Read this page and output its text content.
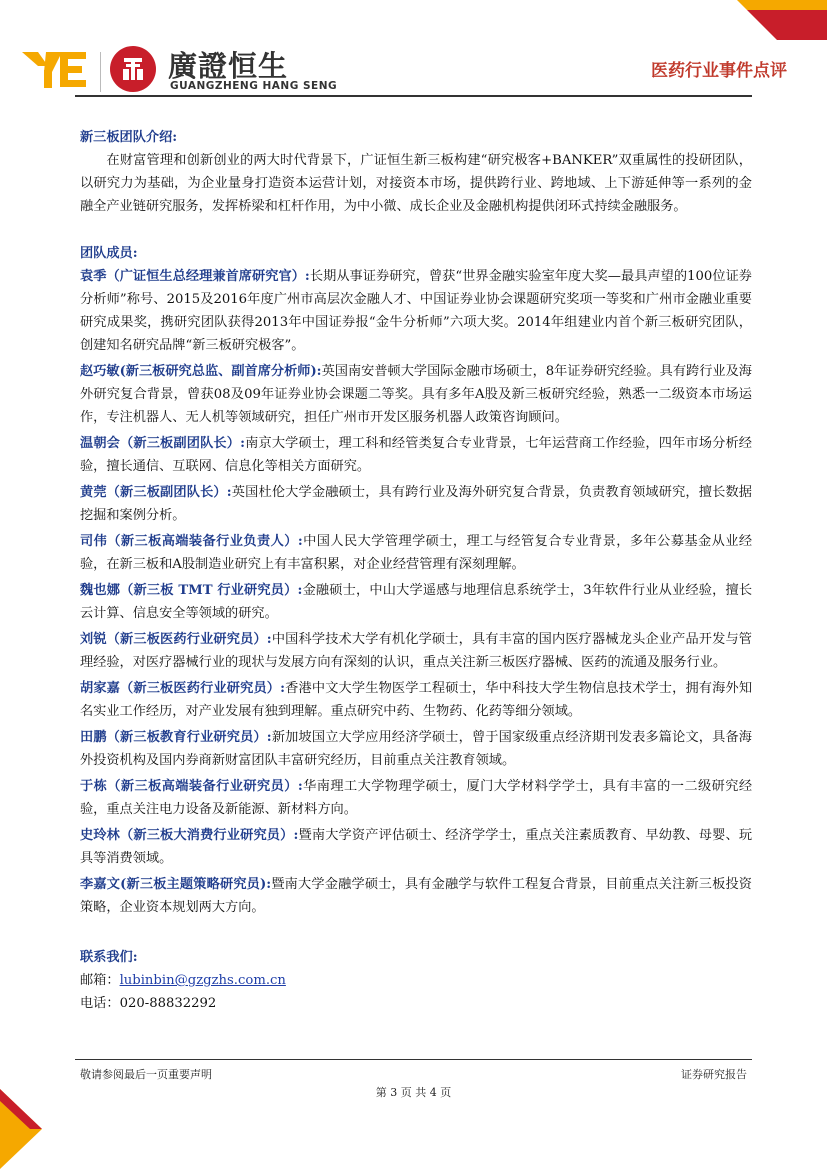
廣證恒生
GUANGZHENG HANG SENG
医药行业事件点评

新三板团队介绍:

在财富管理和创新创业的两大时代背景下，广证恒生新三板构建“研究极客+BANKER”双重属性的投研团队，以研究力为基础，为企业量身打造资本运营计划，对接资本市场，提供跨行业、跨地域、上下游延伸等一系列的金融全产业链研究服务，发挥桥梁和杠杆作用，为中小微、成长企业及金融机构提供闭环式持续金融服务。

团队成员:

袁季（广证恒生总经理兼首席研究官）:长期从事证券研究，曾获“世界金融实验室年度大奖—最具声望的100位证券分析师”称号、2015及2016年度广州市高层次金融人才、中国证券业协会课题研究奖项一等奖和广州市金融业重要研究成果奖，携研究团队获得2013年中国证券报“金牛分析师”六项大奖。2014年组建业内首个新三板研究团队，创建知名研究品牌“新三板研究极客”。

赵巧敏(新三板研究总监、副首席分析师):英国南安普顿大学国际金融市场硕士，8年证券研究经验。具有跨行业及海外研究复合背景，曾获08及09年证券业协会课题二等奖。具有多年A股及新三板研究经验，熟悉一二级资本市场运作，专注机器人、无人机等领域研究，担任广州市开发区服务机器人政策咨询顾问。

温朝会（新三板副团队长）:南京大学硕士，理工科和经管类复合专业背景，七年运营商工作经验，四年市场分析经验，擅长通信、互联网、信息化等相关方面研究。

黄莞（新三板副团队长）:英国杜伦大学金融硕士，具有跨行业及海外研究复合背景，负责教育领域研究，擅长数据挖掘和案例分析。

司伟（新三板高端装备行业负责人）:中国人民大学管理学硕士，理工与经管复合专业背景，多年公募基金从业经验，在新三板和A股制造业研究上有丰富积累，对企业经营管理有深刻理解。

魏也娜（新三板 TMT 行业研究员）:金融硕士，中山大学遥感与地理信息系统学士，3年软件行业从业经验，擅长云计算、信息安全等领域的研究。

刘锐（新三板医药行业研究员）:中国科学技术大学有机化学硕士，具有丰富的国内医疗器械龙头企业产品开发与管理经验，对医疗器械行业的现状与发展方向有深刻的认识，重点关注新三板医疗器械、医药的流通及服务行业。

胡家嘉（新三板医药行业研究员）:香港中文大学生物医学工程硕士，华中科技大学生物信息技术学士，拥有海外知名实业工作经历，对产业发展有独到理解。重点研究中药、生物药、化药等细分领域。

田鹏（新三板教育行业研究员）:新加坡国立大学应用经济学硕士，曾于国家级重点经济期刊发表多篇论文，具备海外投资机构及国内券商新财富团队丰富研究经历，目前重点关注教育领域。

于栋（新三板高端装备行业研究员）:华南理工大学物理学硕士，厦门大学材料学学士，具有丰富的一二级研究经验，重点关注电力设备及新能源、新材料方向。

史玲林（新三板大消费行业研究员）:暨南大学资产评估硕士、经济学学士，重点关注素质教育、早幼教、母婴、玩具等消费领域。

李嘉文(新三板主题策略研究员):暨南大学金融学硕士，具有金融学与软件工程复合背景，目前重点关注新三板投资策略，企业资本规划两大方向。

联系我们:

邮箱： lubinbin@gzgzhs.com.cn
电话： 020-88832292
敬请参阅最后一页重要声明	证券研究报告
第 3 页 共 4 页
